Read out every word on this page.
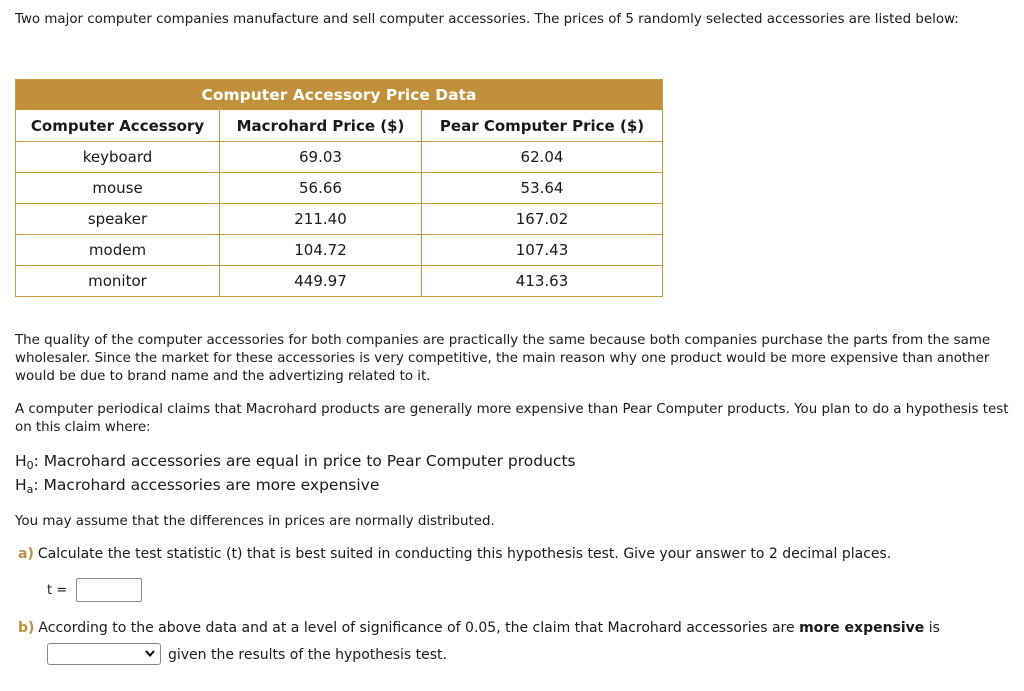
Two major computer companies manufacture and sell computer accessories. The prices of 5 randomly selected accessories are listed below:

Computer Accessory Price Data		
Computer Accessory	Macrohard Price ($)	Pear Computer Price ($)
keyboard	69.03	62.04
mouse	56.66	53.64
speaker	211.40	167.02
modem	104.72	107.43
monitor	449.97	413.63

The quality of the computer accessories for both companies are practically the same because both companies purchase the parts from the same wholesaler. Since the market for these accessories is very competitive, the main reason why one product would be more expensive than another would be due to brand name and the advertizing related to it.

A computer periodical claims that Macrohard products are generally more expensive than Pear Computer products. You plan to do a hypothesis test on this claim where:

$H_0$: Macrohard accessories are equal in price to Pear Computer products
$H_a$: Macrohard accessories are more expensive

You may assume that the differences in prices are normally distributed.

a) Calculate the test statistic (t) that is best suited in conducting this hypothesis test. Give your answer to 2 decimal places.
t =
b) According to the above data and at a level of significance of 0.05, the claim that Macrohard accessories are more expensive is
given the results of the hypothesis test.
